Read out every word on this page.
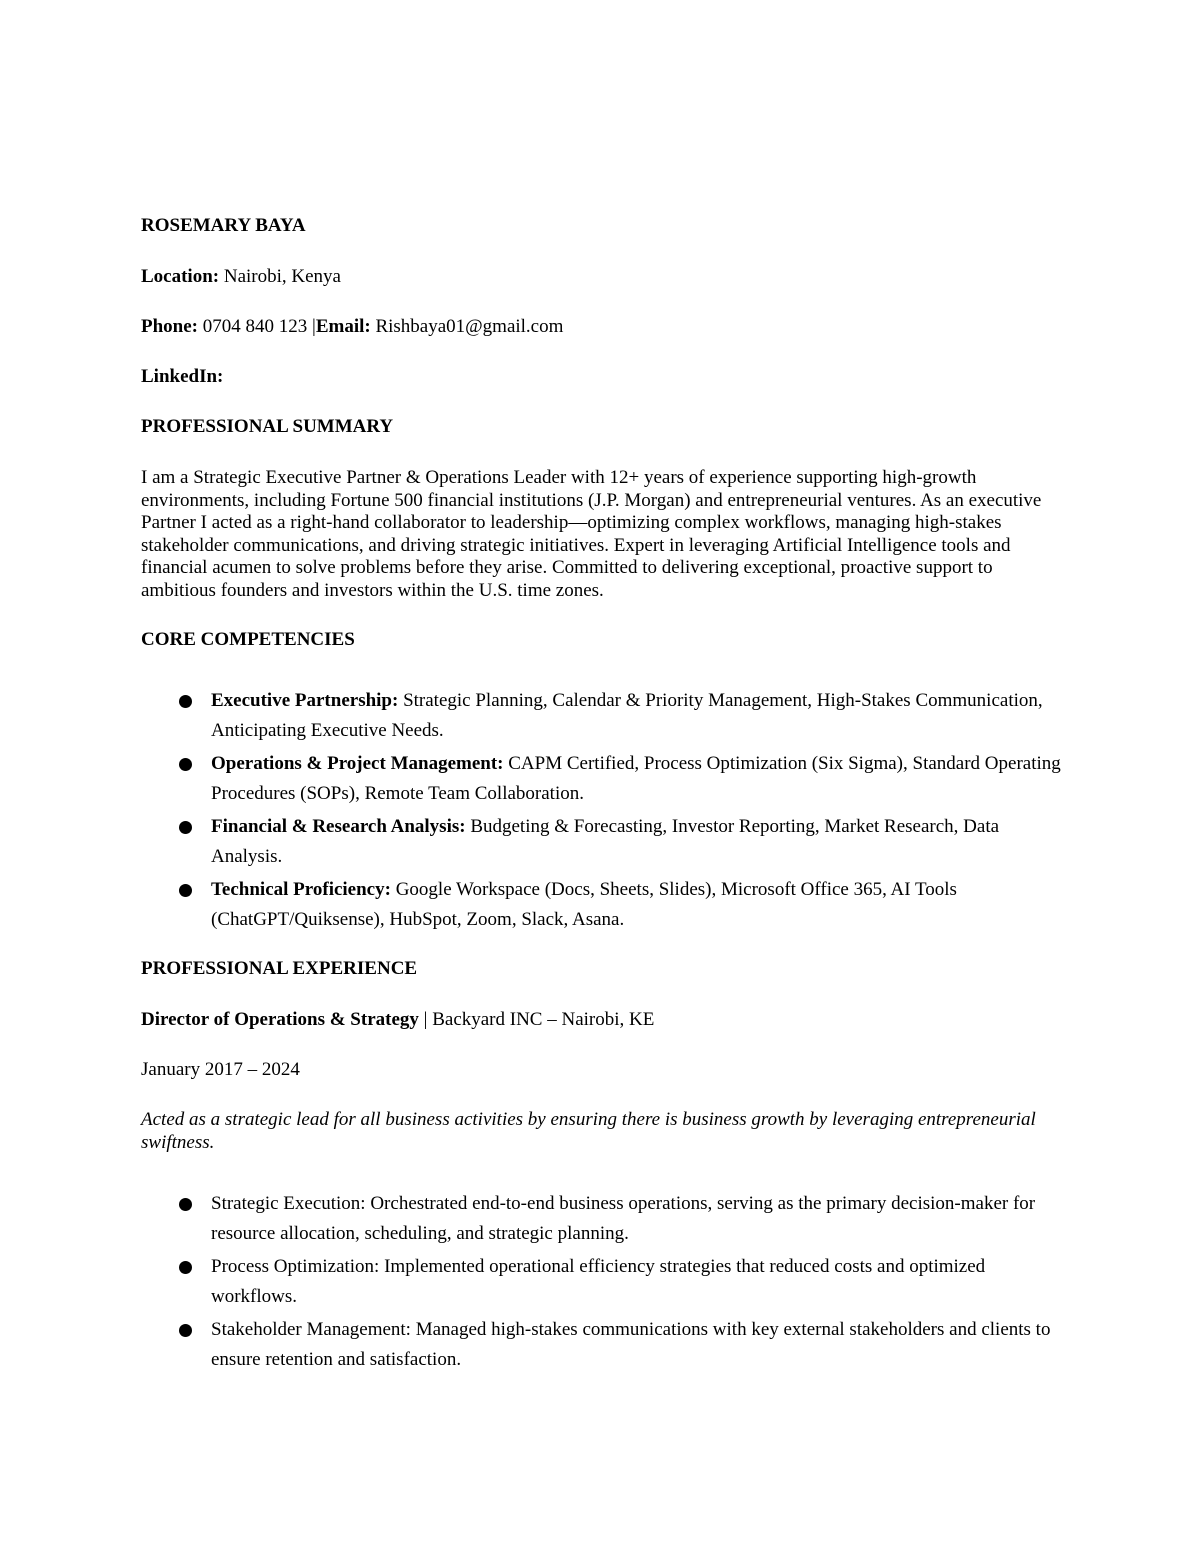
ROSEMARY BAYA
Location: Nairobi, Kenya
Phone: 0704 840 123 |Email: Rishbaya01@gmail.com
LinkedIn:
PROFESSIONAL SUMMARY
I am a Strategic Executive Partner & Operations Leader with 12+ years of experience supporting high-growth environments, including Fortune 500 financial institutions (J.P. Morgan) and entrepreneurial ventures. As an executive Partner I acted as a right-hand collaborator to leadership—optimizing complex workflows, managing high-stakes stakeholder communications, and driving strategic initiatives. Expert in leveraging Artificial Intelligence tools and financial acumen to solve problems before they arise. Committed to delivering exceptional, proactive support to ambitious founders and investors within the U.S. time zones.
CORE COMPETENCIES
Executive Partnership: Strategic Planning, Calendar & Priority Management, High-Stakes Communication, Anticipating Executive Needs.
Operations & Project Management: CAPM Certified, Process Optimization (Six Sigma), Standard Operating Procedures (SOPs), Remote Team Collaboration.
Financial & Research Analysis: Budgeting & Forecasting, Investor Reporting, Market Research, Data Analysis.
Technical Proficiency: Google Workspace (Docs, Sheets, Slides), Microsoft Office 365, AI Tools (ChatGPT/Quiksense), HubSpot, Zoom, Slack, Asana.
PROFESSIONAL EXPERIENCE
Director of Operations & Strategy | Backyard INC – Nairobi, KE
January 2017 – 2024
Acted as a strategic lead for all business activities by ensuring there is business growth by leveraging entrepreneurial swiftness.
Strategic Execution: Orchestrated end-to-end business operations, serving as the primary decision-maker for resource allocation, scheduling, and strategic planning.
Process Optimization: Implemented operational efficiency strategies that reduced costs and optimized workflows.
Stakeholder Management: Managed high-stakes communications with key external stakeholders and clients to ensure retention and satisfaction.
